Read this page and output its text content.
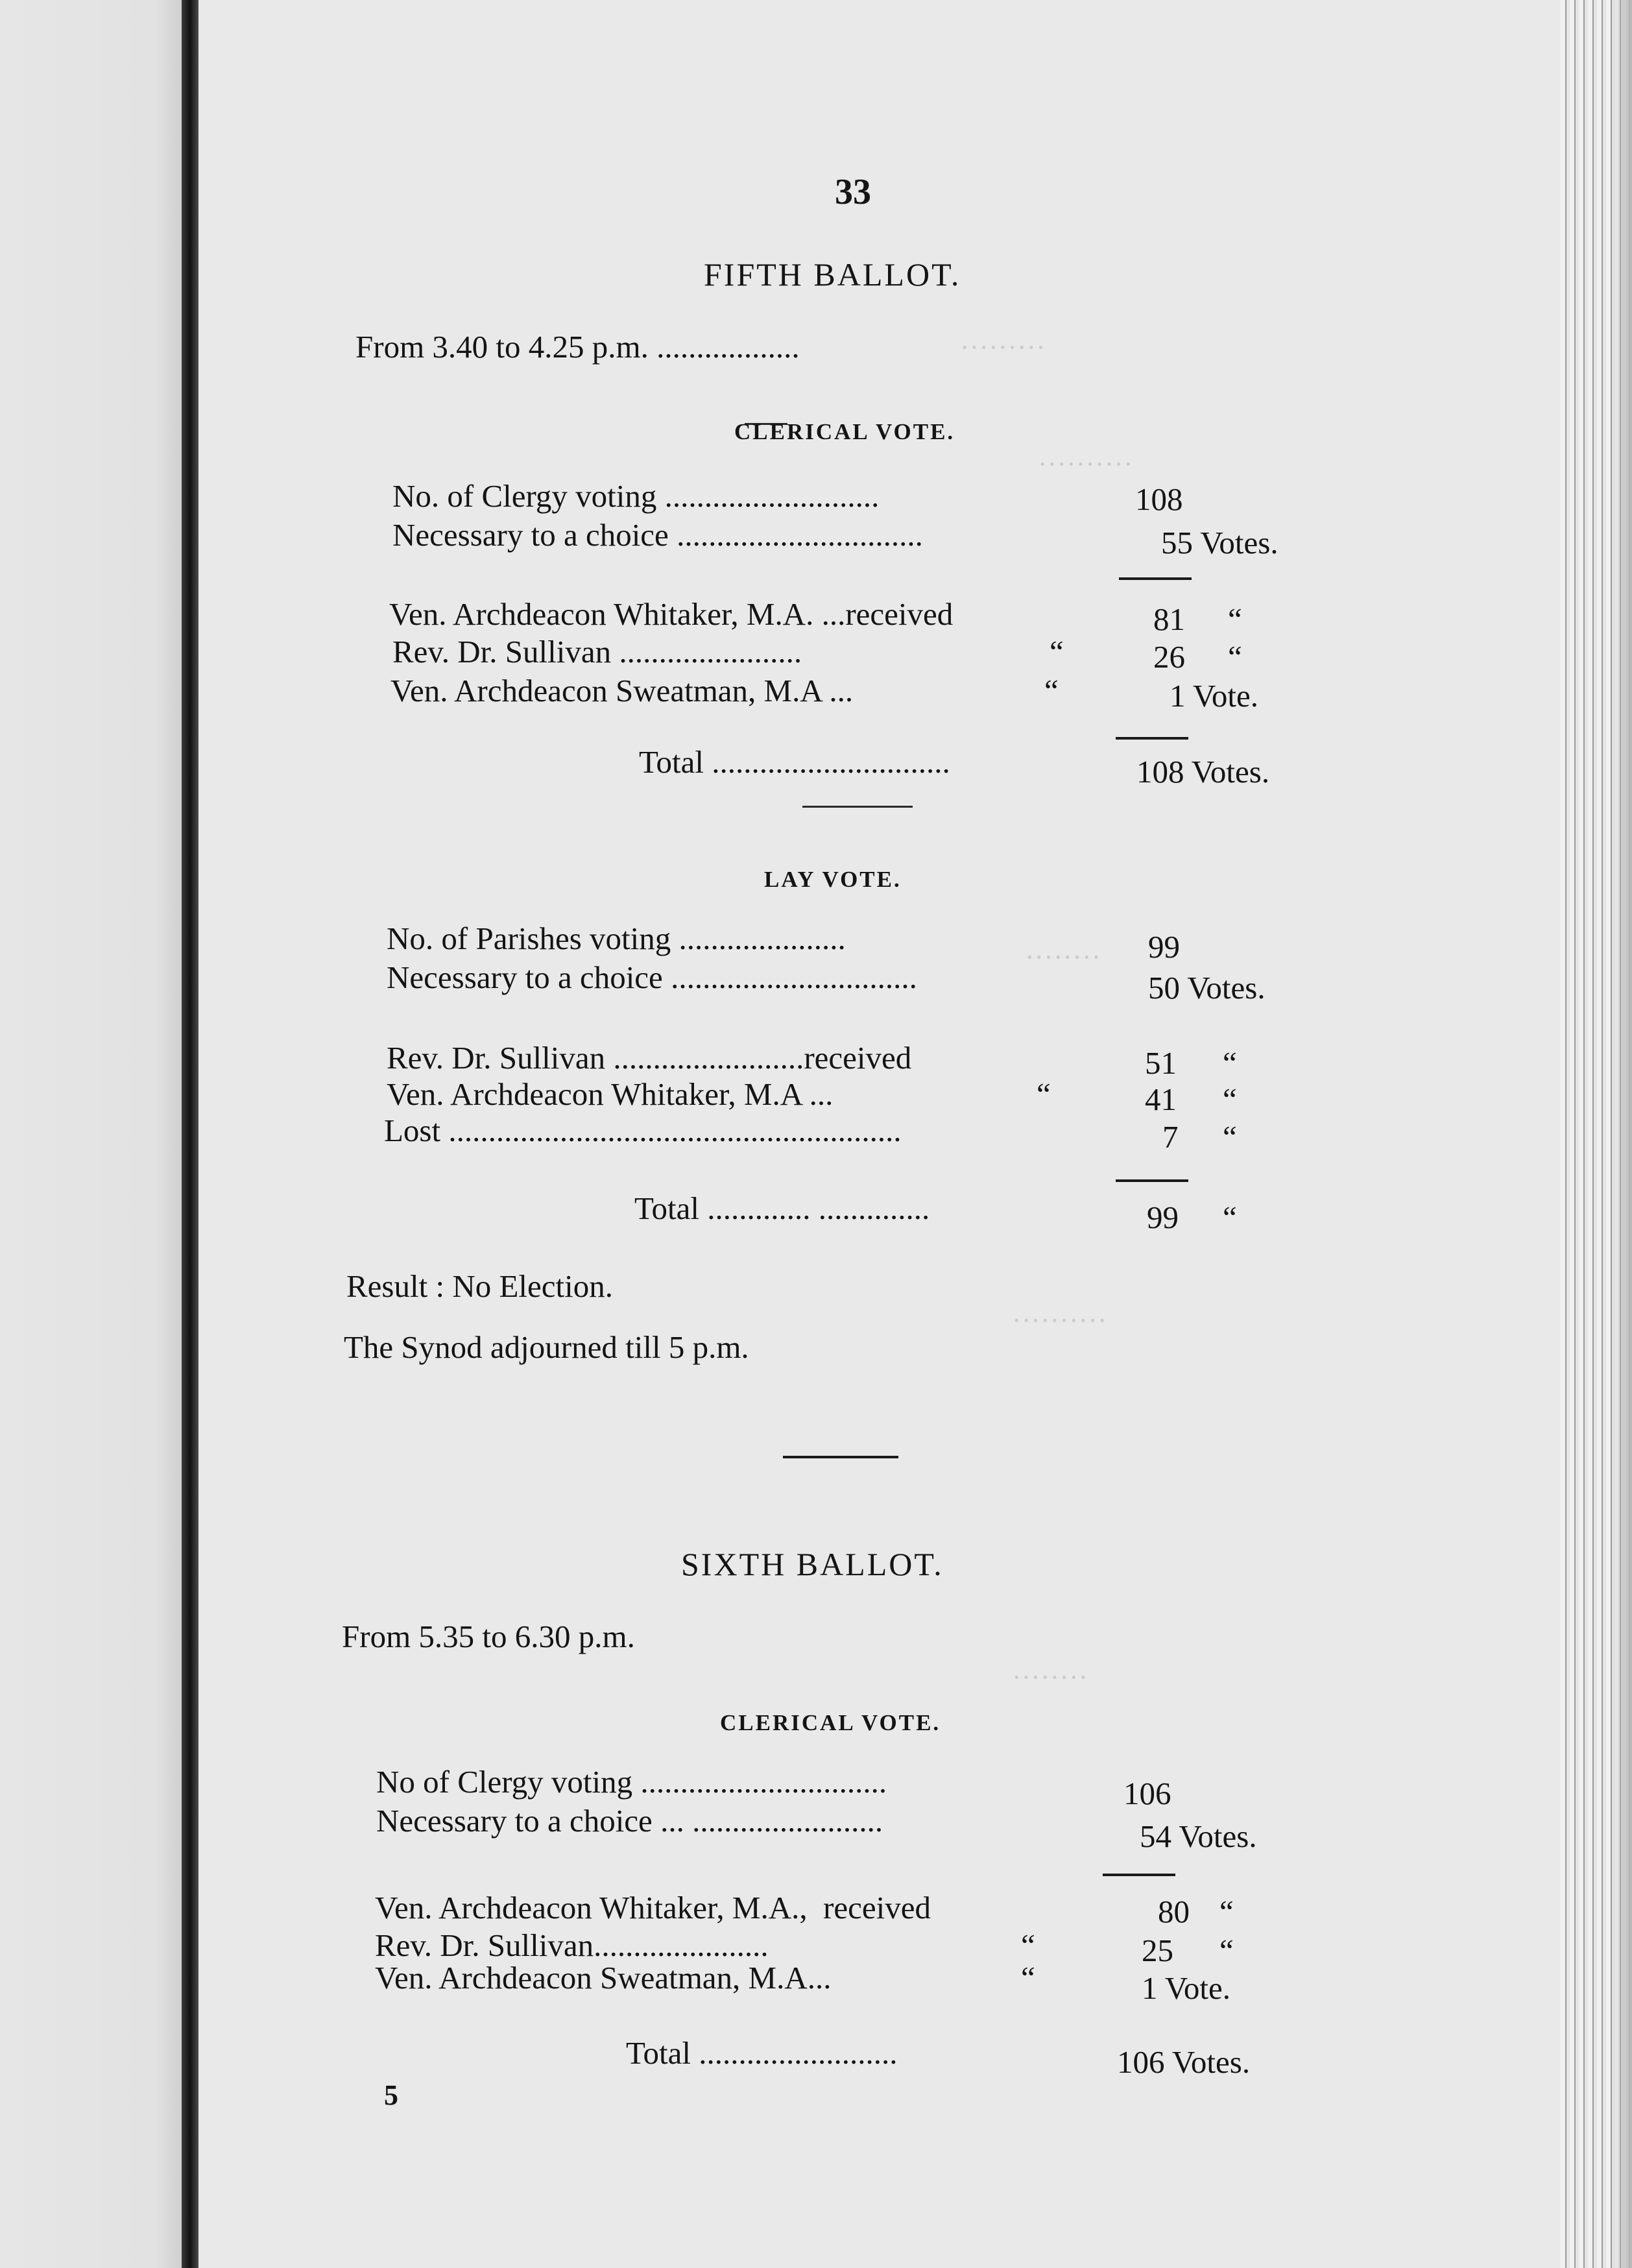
·········
··········
········
··········
········
33
FIFTH BALLOT.
From 3.40 to 4.25 p.m. ..................
CLERICAL VOTE.
No. of Clergy voting ...........................	108
Necessary to a choice ...............................	55 Votes.
Ven. Archdeacon Whitaker, M.A. ...received	81 “
Rev. Dr. Sullivan .......................	“	26 “
Ven. Archdeacon Sweatman, M.A ...	“	1 Vote.
Total ..............................	108 Votes.
LAY VOTE.
No. of Parishes voting .....................	99
Necessary to a choice ...............................	50 Votes.
Rev. Dr. Sullivan ........................received	51 “
Ven. Archdeacon Whitaker, M.A ...	“	41 “
Lost .........................................................	7 “
Total ............. ..............	99 “
Result : No Election.
The Synod adjourned till 5 p.m.
SIXTH BALLOT.
From 5.35 to 6.30 p.m.
CLERICAL VOTE.
No of Clergy voting ...............................	106
Necessary to a choice ... ........................	54 Votes.
Ven. Archdeacon Whitaker, M.A., received	80 “
Rev. Dr. Sullivan......................	“	25 “
Ven. Archdeacon Sweatman, M.A...	“	1 Vote.
Total .........................	106 Votes.
5
